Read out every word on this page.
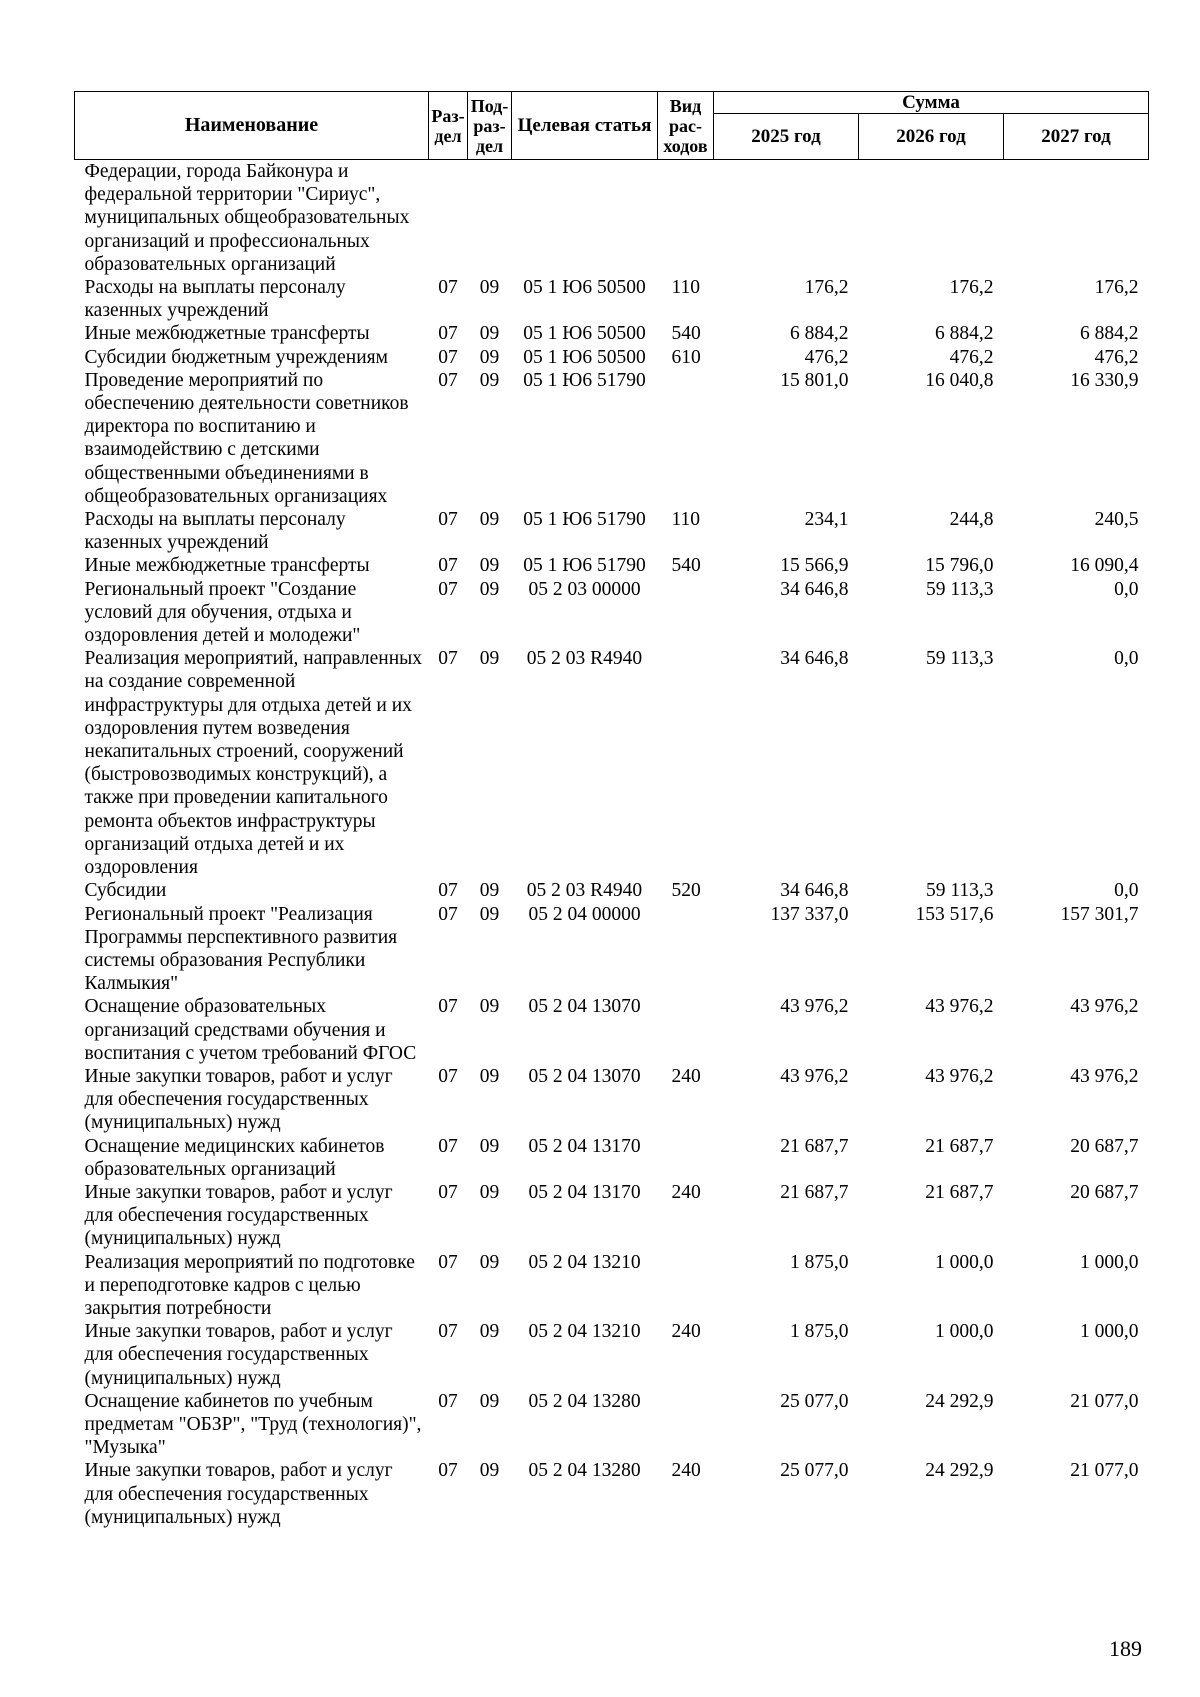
Наименование	Раз-дел	Под-раз-дел	Целевая статья	Вид рас-ходов	Сумма		
					2025 год	2026 год	2027 год
Федерации, города Байконура и федеральной территории "Сириус", муниципальных общеобразовательных организаций и профессиональных образовательных организаций							
Расходы на выплаты персоналу казенных учреждений	07	09	05 1 Ю6 50500	110	176,2	176,2	176,2
Иные межбюджетные трансферты	07	09	05 1 Ю6 50500	540	6 884,2	6 884,2	6 884,2
Субсидии бюджетным учреждениям	07	09	05 1 Ю6 50500	610	476,2	476,2	476,2
Проведение мероприятий по обеспечению деятельности советников директора по воспитанию и взаимодействию с детскими общественными объединениями в общеобразовательных организациях	07	09	05 1 Ю6 51790		15 801,0	16 040,8	16 330,9
Расходы на выплаты персоналу казенных учреждений	07	09	05 1 Ю6 51790	110	234,1	244,8	240,5
Иные межбюджетные трансферты	07	09	05 1 Ю6 51790	540	15 566,9	15 796,0	16 090,4
Региональный проект "Создание условий для обучения, отдыха и оздоровления детей и молодежи"	07	09	05 2 03 00000		34 646,8	59 113,3	0,0
Реализация мероприятий, направленных на создание современной инфраструктуры для отдыха детей и их оздоровления путем возведения некапитальных строений, сооружений (быстровозводимых конструкций), а также при проведении капитального ремонта объектов инфраструктуры организаций отдыха детей и их оздоровления	07	09	05 2 03 R4940		34 646,8	59 113,3	0,0
Субсидии	07	09	05 2 03 R4940	520	34 646,8	59 113,3	0,0
Региональный проект "Реализация Программы перспективного развития системы образования Республики Калмыкия"	07	09	05 2 04 00000		137 337,0	153 517,6	157 301,7
Оснащение образовательных организаций средствами обучения и воспитания с учетом требований ФГОС	07	09	05 2 04 13070		43 976,2	43 976,2	43 976,2
Иные закупки товаров, работ и услуг для обеспечения государственных (муниципальных) нужд	07	09	05 2 04 13070	240	43 976,2	43 976,2	43 976,2
Оснащение медицинских кабинетов образовательных организаций	07	09	05 2 04 13170		21 687,7	21 687,7	20 687,7
Иные закупки товаров, работ и услуг для обеспечения государственных (муниципальных) нужд	07	09	05 2 04 13170	240	21 687,7	21 687,7	20 687,7
Реализация мероприятий по подготовке и переподготовке кадров с целью закрытия потребности	07	09	05 2 04 13210		1 875,0	1 000,0	1 000,0
Иные закупки товаров, работ и услуг для обеспечения государственных (муниципальных) нужд	07	09	05 2 04 13210	240	1 875,0	1 000,0	1 000,0
Оснащение кабинетов по учебным предметам "ОБЗР", "Труд (технология)", "Музыка"	07	09	05 2 04 13280		25 077,0	24 292,9	21 077,0
Иные закупки товаров, работ и услуг для обеспечения государственных (муниципальных) нужд	07	09	05 2 04 13280	240	25 077,0	24 292,9	21 077,0
189
